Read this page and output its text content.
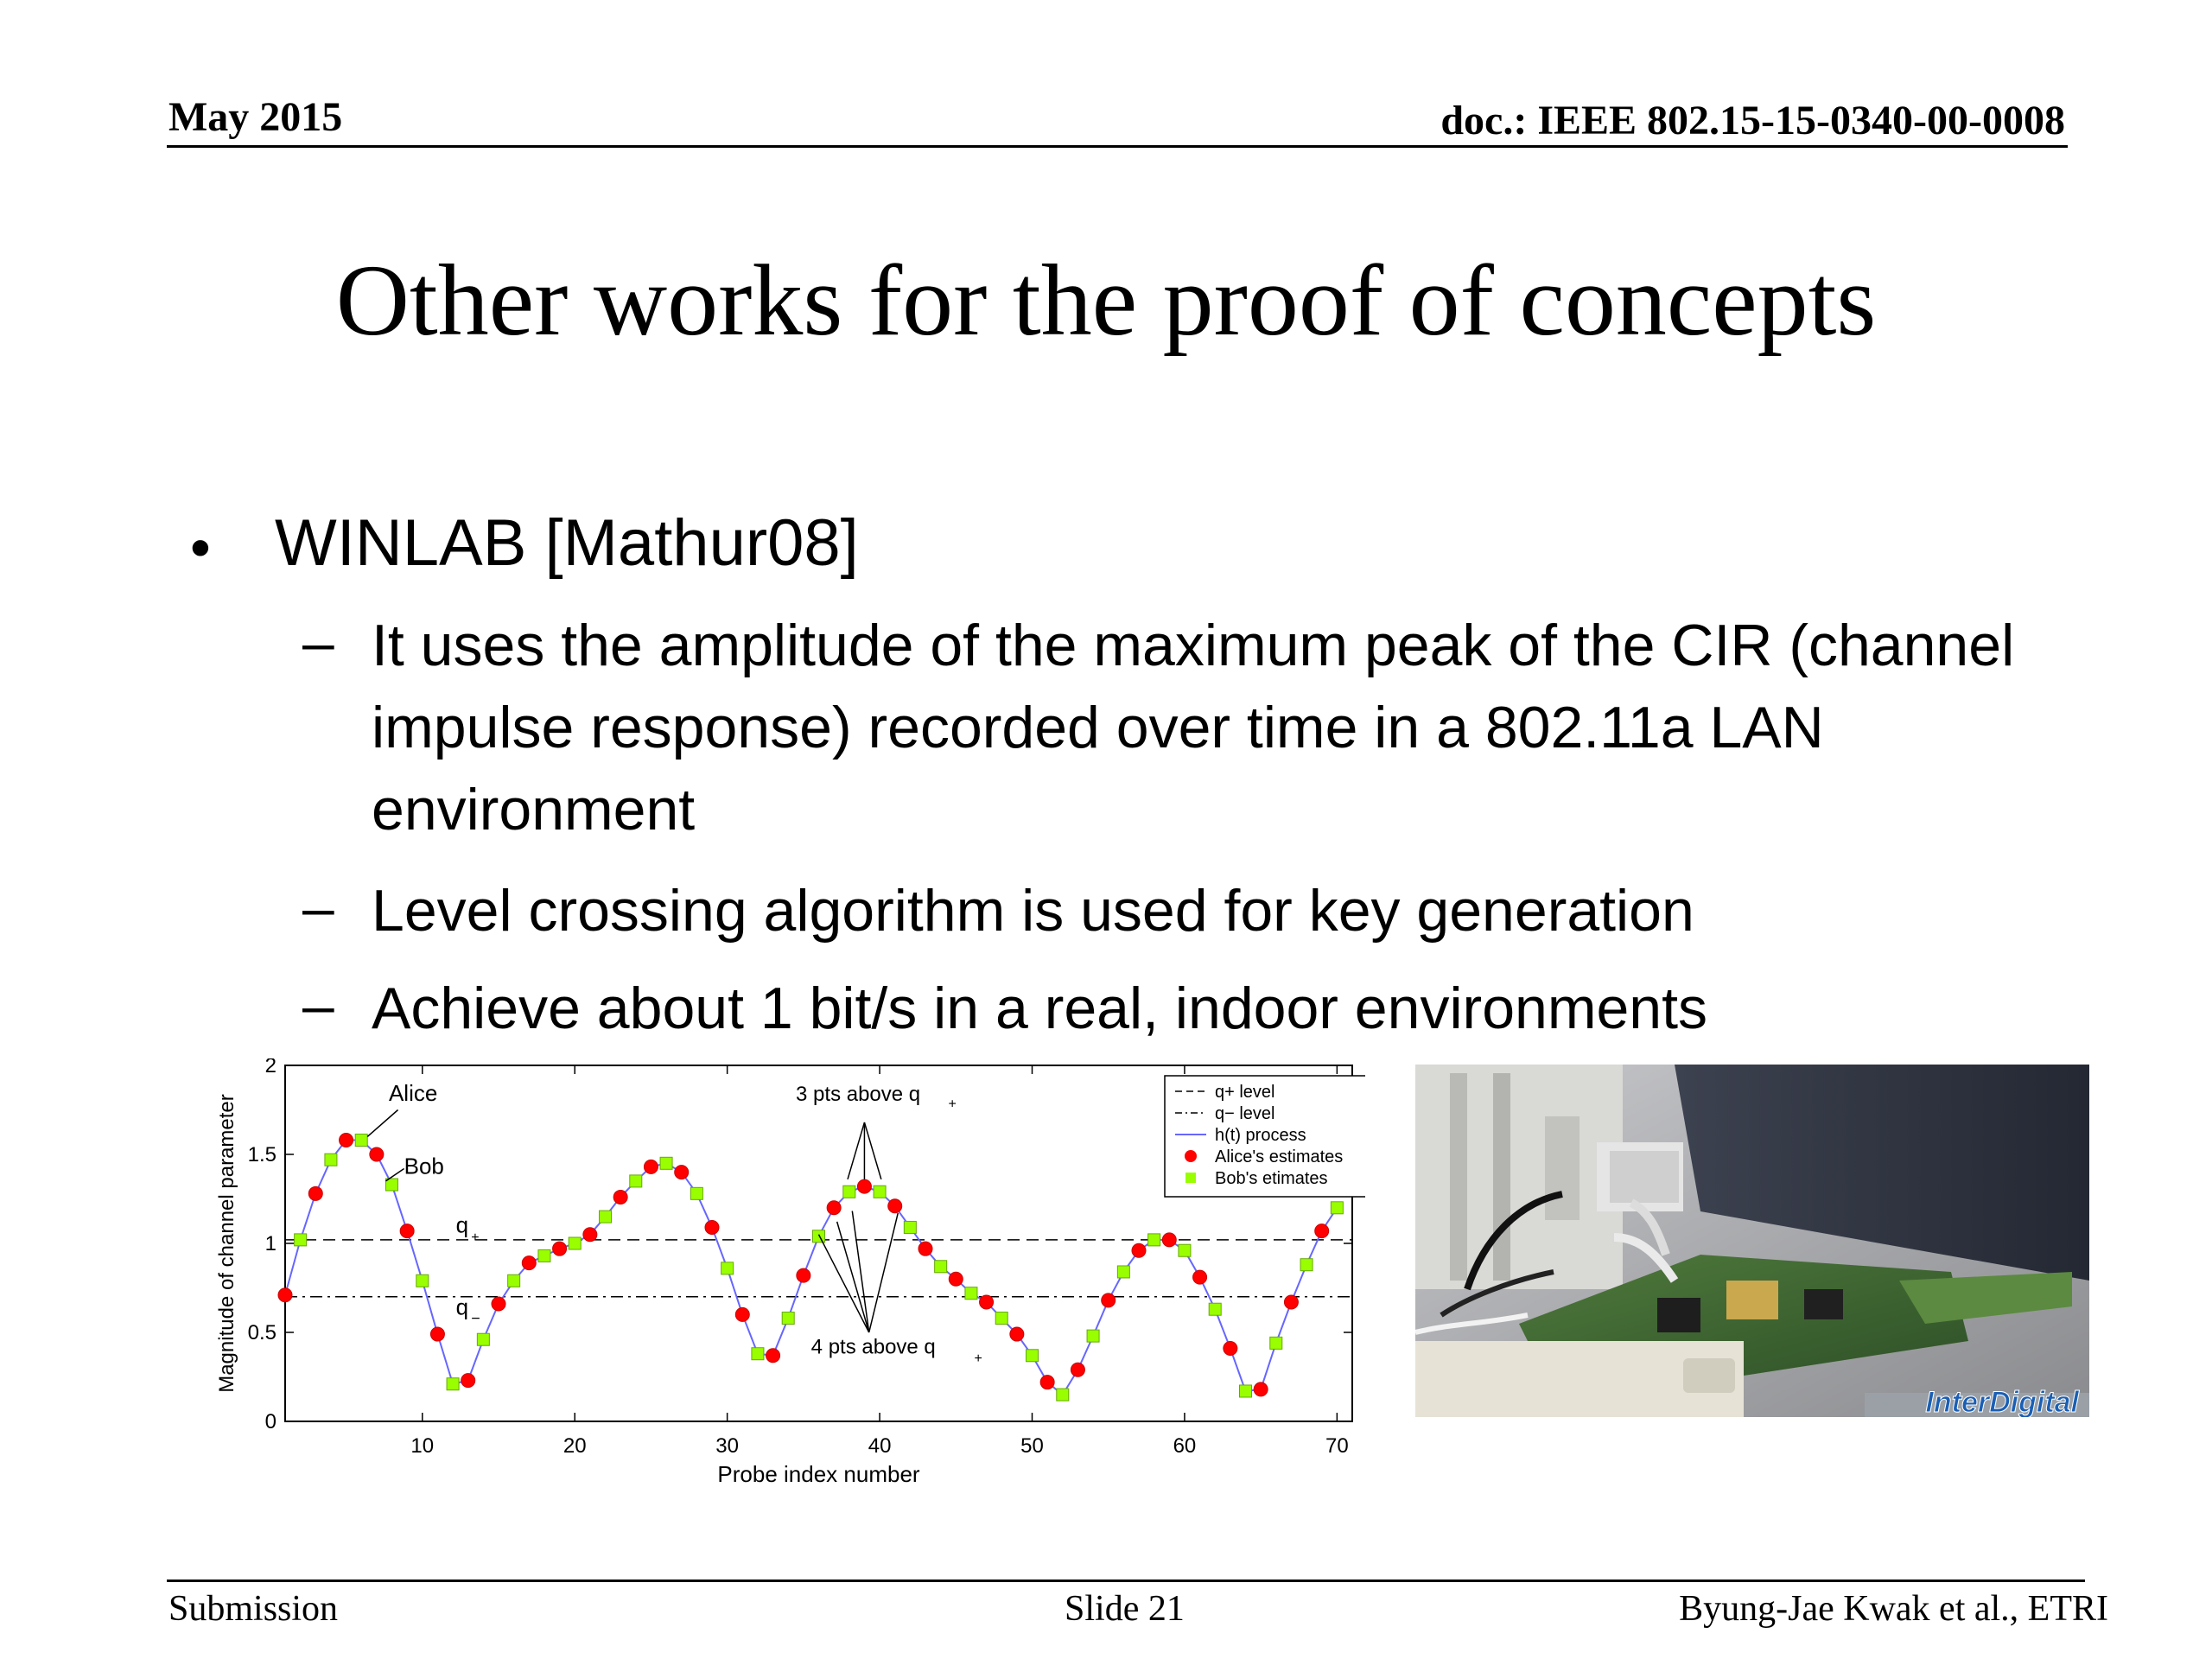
May 2015	doc.: IEEE 802.15-15-0340-00-0008
Other works for the proof of concepts
• WINLAB [Mathur08]
– It uses the amplitude of the maximum peak of the CIR (channel impulse response) recorded over time in a 802.11a LAN environment
– Level crossing algorithm is used for key generation
– Achieve about 1 bit/s in a real, indoor environments
10	20	30	40	50	60	70
0
0.5
1
1.5
2
Probe index number
Magnitude of channel parameter
Alice
Bob
q +
q −
3 pts above q +
4 pts above q	+
q+ level
q− level
h(t) process
Alice's estimates
Bob's etimates
InterDigital
Submission	Slide 21	Byung-Jae Kwak et al., ETRI
